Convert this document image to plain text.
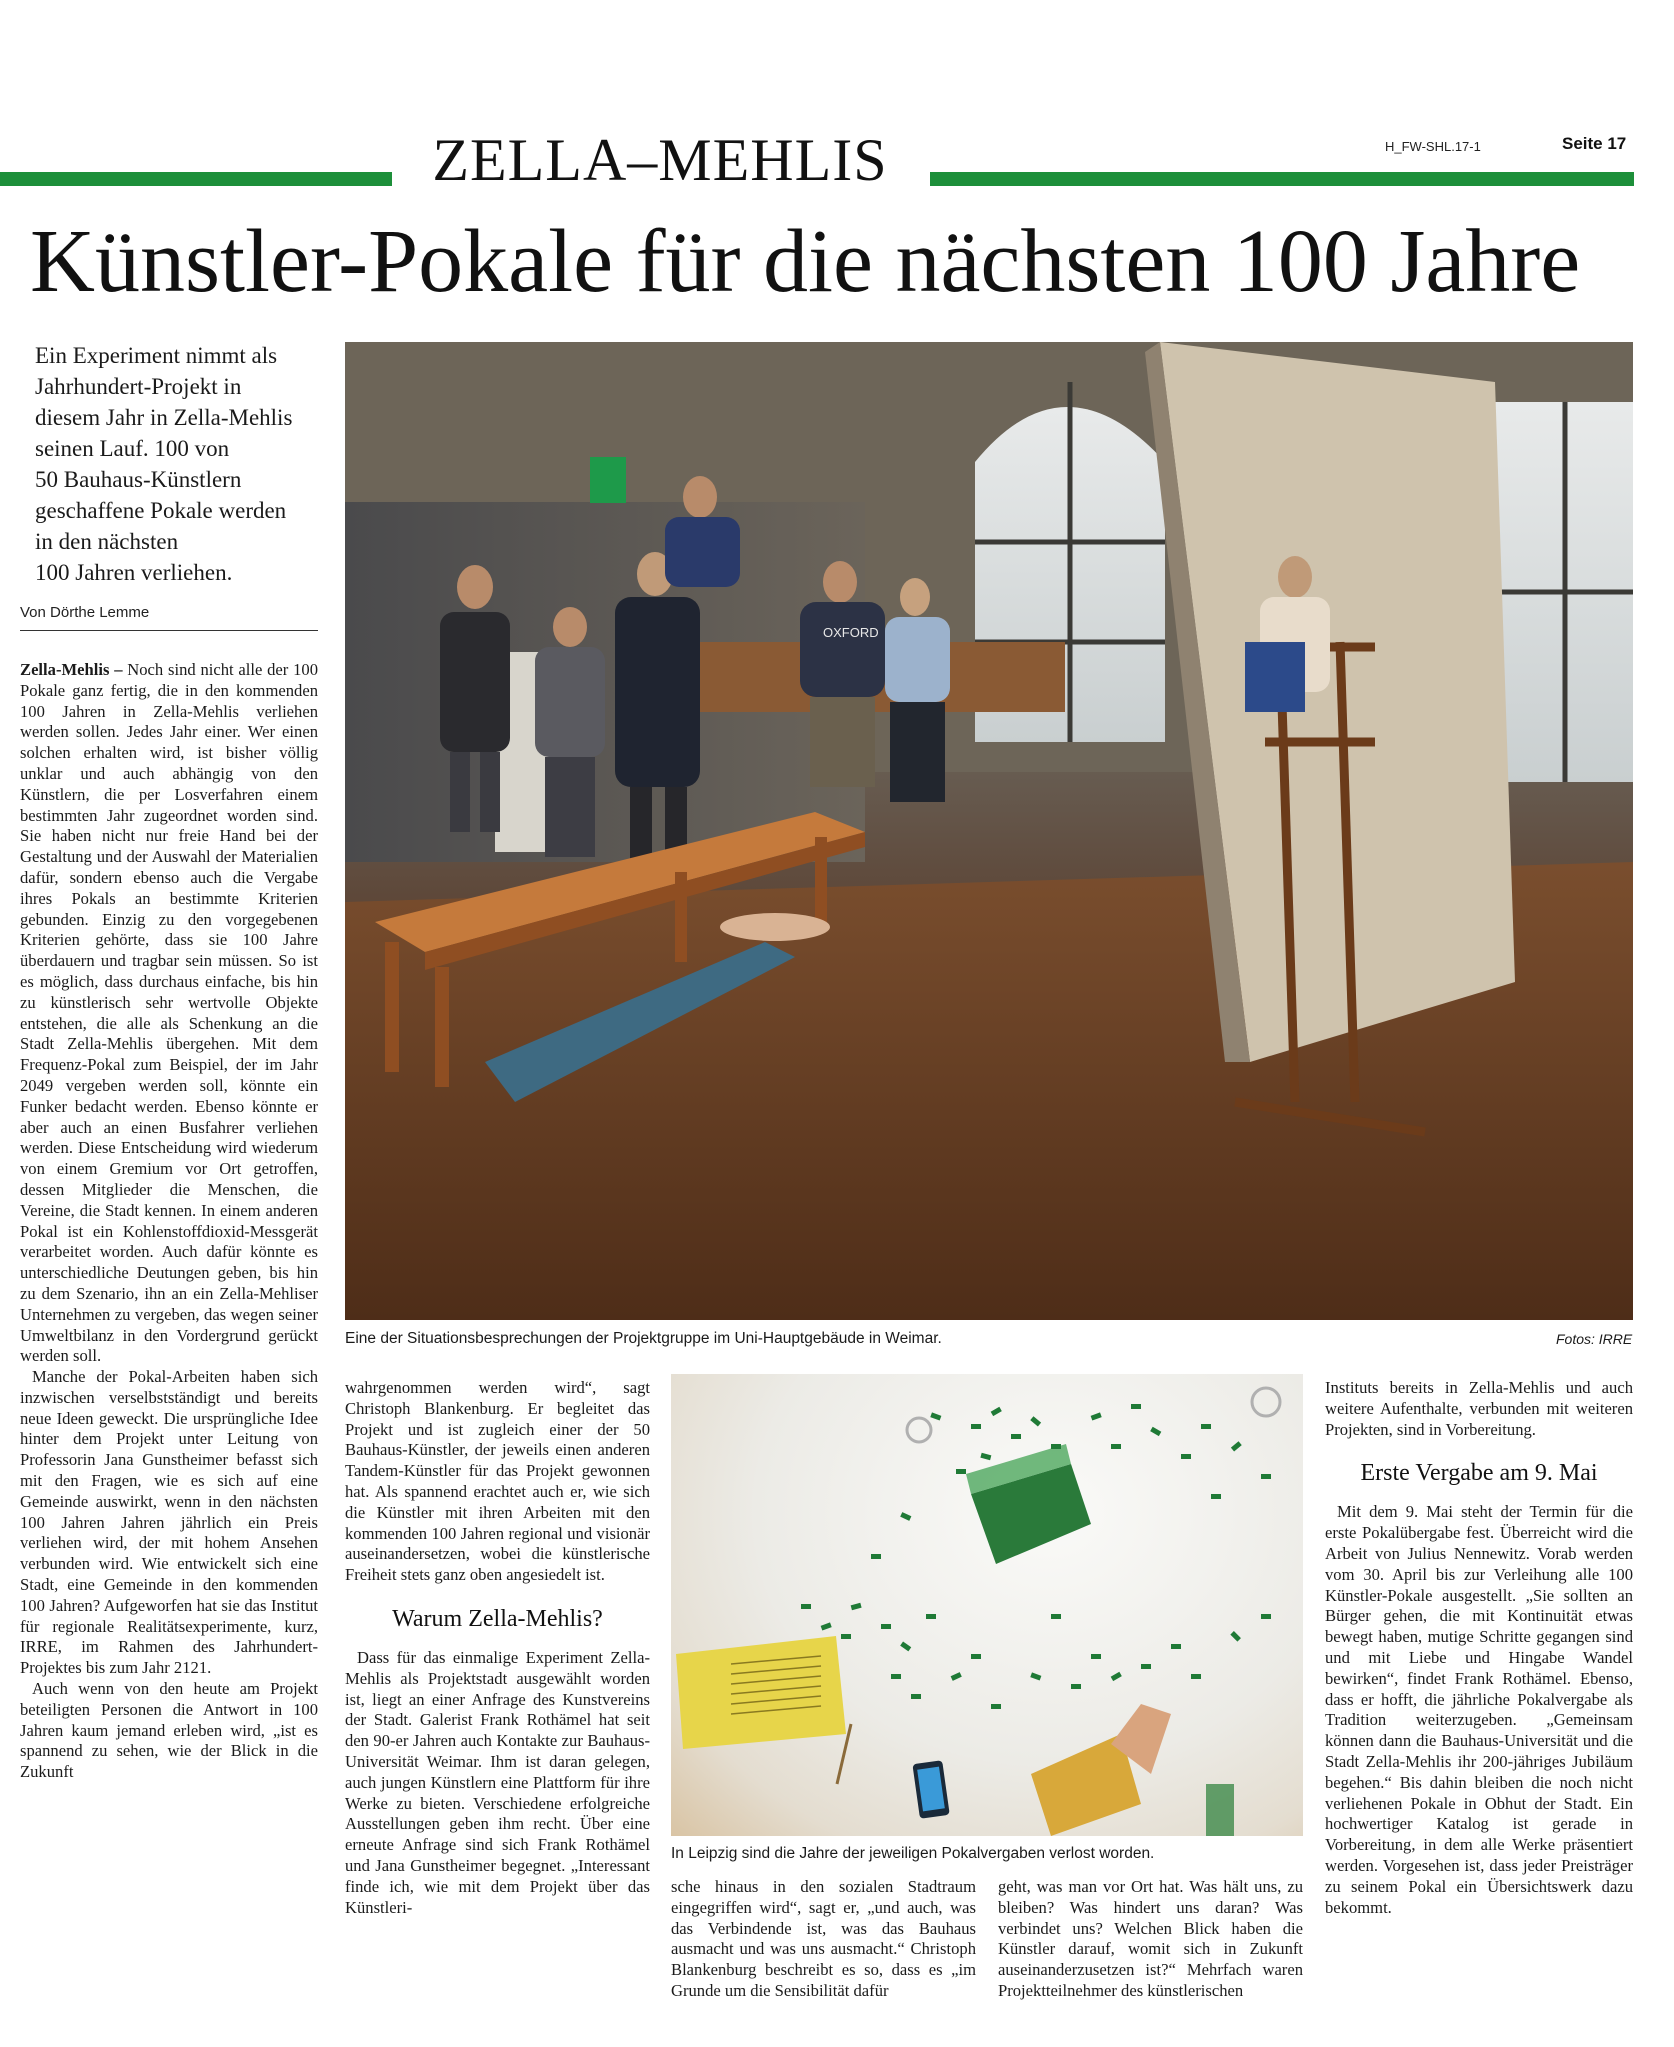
ZELLA–MEHLIS	H_FW-SHL.17-1	Seite 17
Künstler-Pokale für die nächsten 100 Jahre

Ein Experiment nimmt als

Jahrhundert-Projekt in

diesem Jahr in Zella-Mehlis

seinen Lauf. 100 von

50 Bauhaus-Künstlern

geschaffene Pokale werden

in den nächsten

100 Jahren verliehen.

Von Dörthe Lemme

Zella-Mehlis – Noch sind nicht alle der 100 Pokale ganz fertig, die in den kommenden 100 Jahren in Zella-Mehlis verliehen werden sollen. Jedes Jahr einer. Wer einen solchen erhalten wird, ist bisher völlig unklar und auch abhängig von den Künstlern, die per Losverfahren einem bestimmten Jahr zugeordnet worden sind. Sie haben nicht nur freie Hand bei der Gestaltung und der Auswahl der Materialien dafür, sondern ebenso auch die Vergabe ihres Pokals an bestimmte Kriterien gebunden. Einzig zu den vorgegebenen Kriterien gehörte, dass sie 100 Jahre überdauern und tragbar sein müssen. So ist es möglich, dass durchaus einfache, bis hin zu künstlerisch sehr wertvolle Objekte entstehen, die alle als Schenkung an die Stadt Zella-Mehlis übergehen. Mit dem Frequenz-Pokal zum Beispiel, der im Jahr 2049 vergeben werden soll, könnte ein Funker bedacht werden. Ebenso könnte er aber auch an einen Busfahrer verliehen werden. Diese Entscheidung wird wiederum von einem Gremium vor Ort getroffen, dessen Mitglieder die Menschen, die Vereine, die Stadt kennen. In einem anderen Pokal ist ein Kohlenstoffdioxid-Messgerät verarbeitet worden. Auch dafür könnte es unterschiedliche Deutungen geben, bis hin zu dem Szenario, ihn an ein Zella-Mehliser Unternehmen zu vergeben, das wegen seiner Umweltbilanz in den Vordergrund gerückt werden soll.

Manche der Pokal-Arbeiten haben sich inzwischen verselbstständigt und bereits neue Ideen geweckt. Die ursprüngliche Idee hinter dem Projekt unter Leitung von Professorin Jana Gunstheimer befasst sich mit den Fragen, wie es sich auf eine Gemeinde auswirkt, wenn in den nächsten 100 Jahren Jahren jährlich ein Preis verliehen wird, der mit hohem Ansehen verbunden wird. Wie entwickelt sich eine Stadt, eine Gemeinde in den kommenden 100 Jahren? Aufgeworfen hat sie das Institut für regionale Realitätsexperimente, kurz, IRRE, im Rahmen des Jahrhundert-Projektes bis zum Jahr 2121.

Auch wenn von den heute am Projekt beteiligten Personen die Antwort in 100 Jahren kaum jemand erleben wird, „ist es spannend zu sehen, wie der Blick in die Zukunft

OXFORD
Eine der Situationsbesprechungen der Projektgruppe im Uni-Hauptgebäude in Weimar.	Fotos: IRRE

wahrgenommen werden wird“, sagt Christoph Blankenburg. Er begleitet das Projekt und ist zugleich einer der 50 Bauhaus-Künstler, der jeweils einen anderen Tandem-Künstler für das Projekt gewonnen hat. Als spannend erachtet auch er, wie sich die Künstler mit ihren Arbeiten mit den kommenden 100 Jahren regional und visionär auseinandersetzen, wobei die künstlerische Freiheit stets ganz oben angesiedelt ist.

Warum Zella-Mehlis?

Dass für das einmalige Experiment Zella-Mehlis als Projektstadt ausgewählt worden ist, liegt an einer Anfrage des Kunstvereins der Stadt. Galerist Frank Rothämel hat seit den 90-er Jahren auch Kontakte zur Bauhaus-Universität Weimar. Ihm ist daran gelegen, auch jungen Künstlern eine Plattform für ihre Werke zu bieten. Verschiedene erfolgreiche Ausstellungen geben ihm recht. Über eine erneute Anfrage sind sich Frank Rothämel und Jana Gunstheimer begegnet. „Interessant finde ich, wie mit dem Projekt über das Künstleri-

In Leipzig sind die Jahre der jeweiligen Pokalvergaben verlost worden.

sche hinaus in den sozialen Stadtraum eingegriffen wird“, sagt er, „und auch, was das Verbindende ist, was das Bauhaus ausmacht und was uns ausmacht.“ Christoph Blankenburg beschreibt es so, dass es „im Grunde um die Sensibilität dafür

geht, was man vor Ort hat. Was hält uns, zu bleiben? Was hindert uns daran? Was verbindet uns? Welchen Blick haben die Künstler darauf, womit sich in Zukunft auseinanderzusetzen ist?“ Mehrfach waren Projektteilnehmer des künstlerischen

Instituts bereits in Zella-Mehlis und auch weitere Aufenthalte, verbunden mit weiteren Projekten, sind in Vorbereitung.

Erste Vergabe am 9. Mai

Mit dem 9. Mai steht der Termin für die erste Pokalübergabe fest. Überreicht wird die Arbeit von Julius Nennewitz. Vorab werden vom 30. April bis zur Verleihung alle 100 Künstler-Pokale ausgestellt. „Sie sollten an Bürger gehen, die mit Kontinuität etwas bewegt haben, mutige Schritte gegangen sind und mit Liebe und Hingabe Wandel bewirken“, findet Frank Rothämel. Ebenso, dass er hofft, die jährliche Pokalvergabe als Tradition weiterzugeben. „Gemeinsam können dann die Bauhaus-Universität und die Stadt Zella-Mehlis ihr 200-jähriges Jubiläum begehen.“ Bis dahin bleiben die noch nicht verliehenen Pokale in Obhut der Stadt. Ein hochwertiger Katalog ist gerade in Vorbereitung, in dem alle Werke präsentiert werden. Vorgesehen ist, dass jeder Preisträger zu seinem Pokal ein Übersichtswerk dazu bekommt.
